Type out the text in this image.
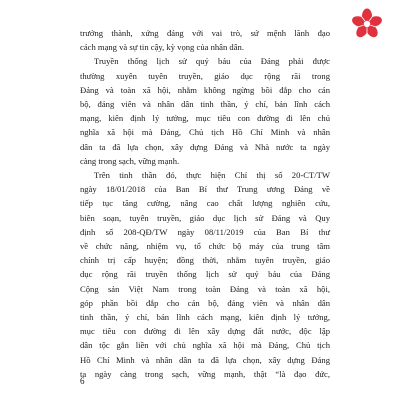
trưởng thành, xứng đáng với vai trò, sứ mệnh lãnh đạo
cách mạng và sự tin cậy, kỳ vọng của nhân dân.
Truyền thống lịch sử quý báu của Đảng phải được
thường xuyên tuyên truyền, giáo dục rộng rãi trong
Đảng và toàn xã hội, nhằm không ngừng bồi đắp cho cán
bộ, đảng viên và nhân dân tinh thần, ý chí, bản lĩnh cách
mạng, kiên định lý tưởng, mục tiêu con đường đi lên chủ
nghĩa xã hội mà Đảng, Chủ tịch Hồ Chí Minh và nhân
dân ta đã lựa chọn, xây dựng Đảng và Nhà nước ta ngày
càng trong sạch, vững mạnh.
Trên tinh thần đó, thực hiện Chỉ thị số 20-CT/TW
ngày 18/01/2018 của Ban Bí thư Trung ương Đảng về
tiếp tục tăng cường, nâng cao chất lượng nghiên cứu,
biên soạn, tuyên truyền, giáo dục lịch sử Đảng và Quy
định số 208-QĐ/TW ngày 08/11/2019 của Ban Bí thư
về chức năng, nhiệm vụ, tổ chức bộ máy của trung tâm
chính trị cấp huyện; đồng thời, nhằm tuyên truyền, giáo
dục rộng rãi truyền thống lịch sử quý báu của Đảng
Cộng sản Việt Nam trong toàn Đảng và toàn xã hội,
góp phần bồi đắp cho cán bộ, đảng viên và nhân dân
tinh thần, ý chí, bản lĩnh cách mạng, kiên định lý tưởng,
mục tiêu con đường đi lên xây dựng đất nước, độc lập
dân tộc gắn liền với chủ nghĩa xã hội mà Đảng, Chủ tịch
Hồ Chí Minh và nhân dân ta đã lựa chọn, xây dựng Đảng
ta ngày càng trong sạch, vững mạnh, thật “là đạo đức,
6
